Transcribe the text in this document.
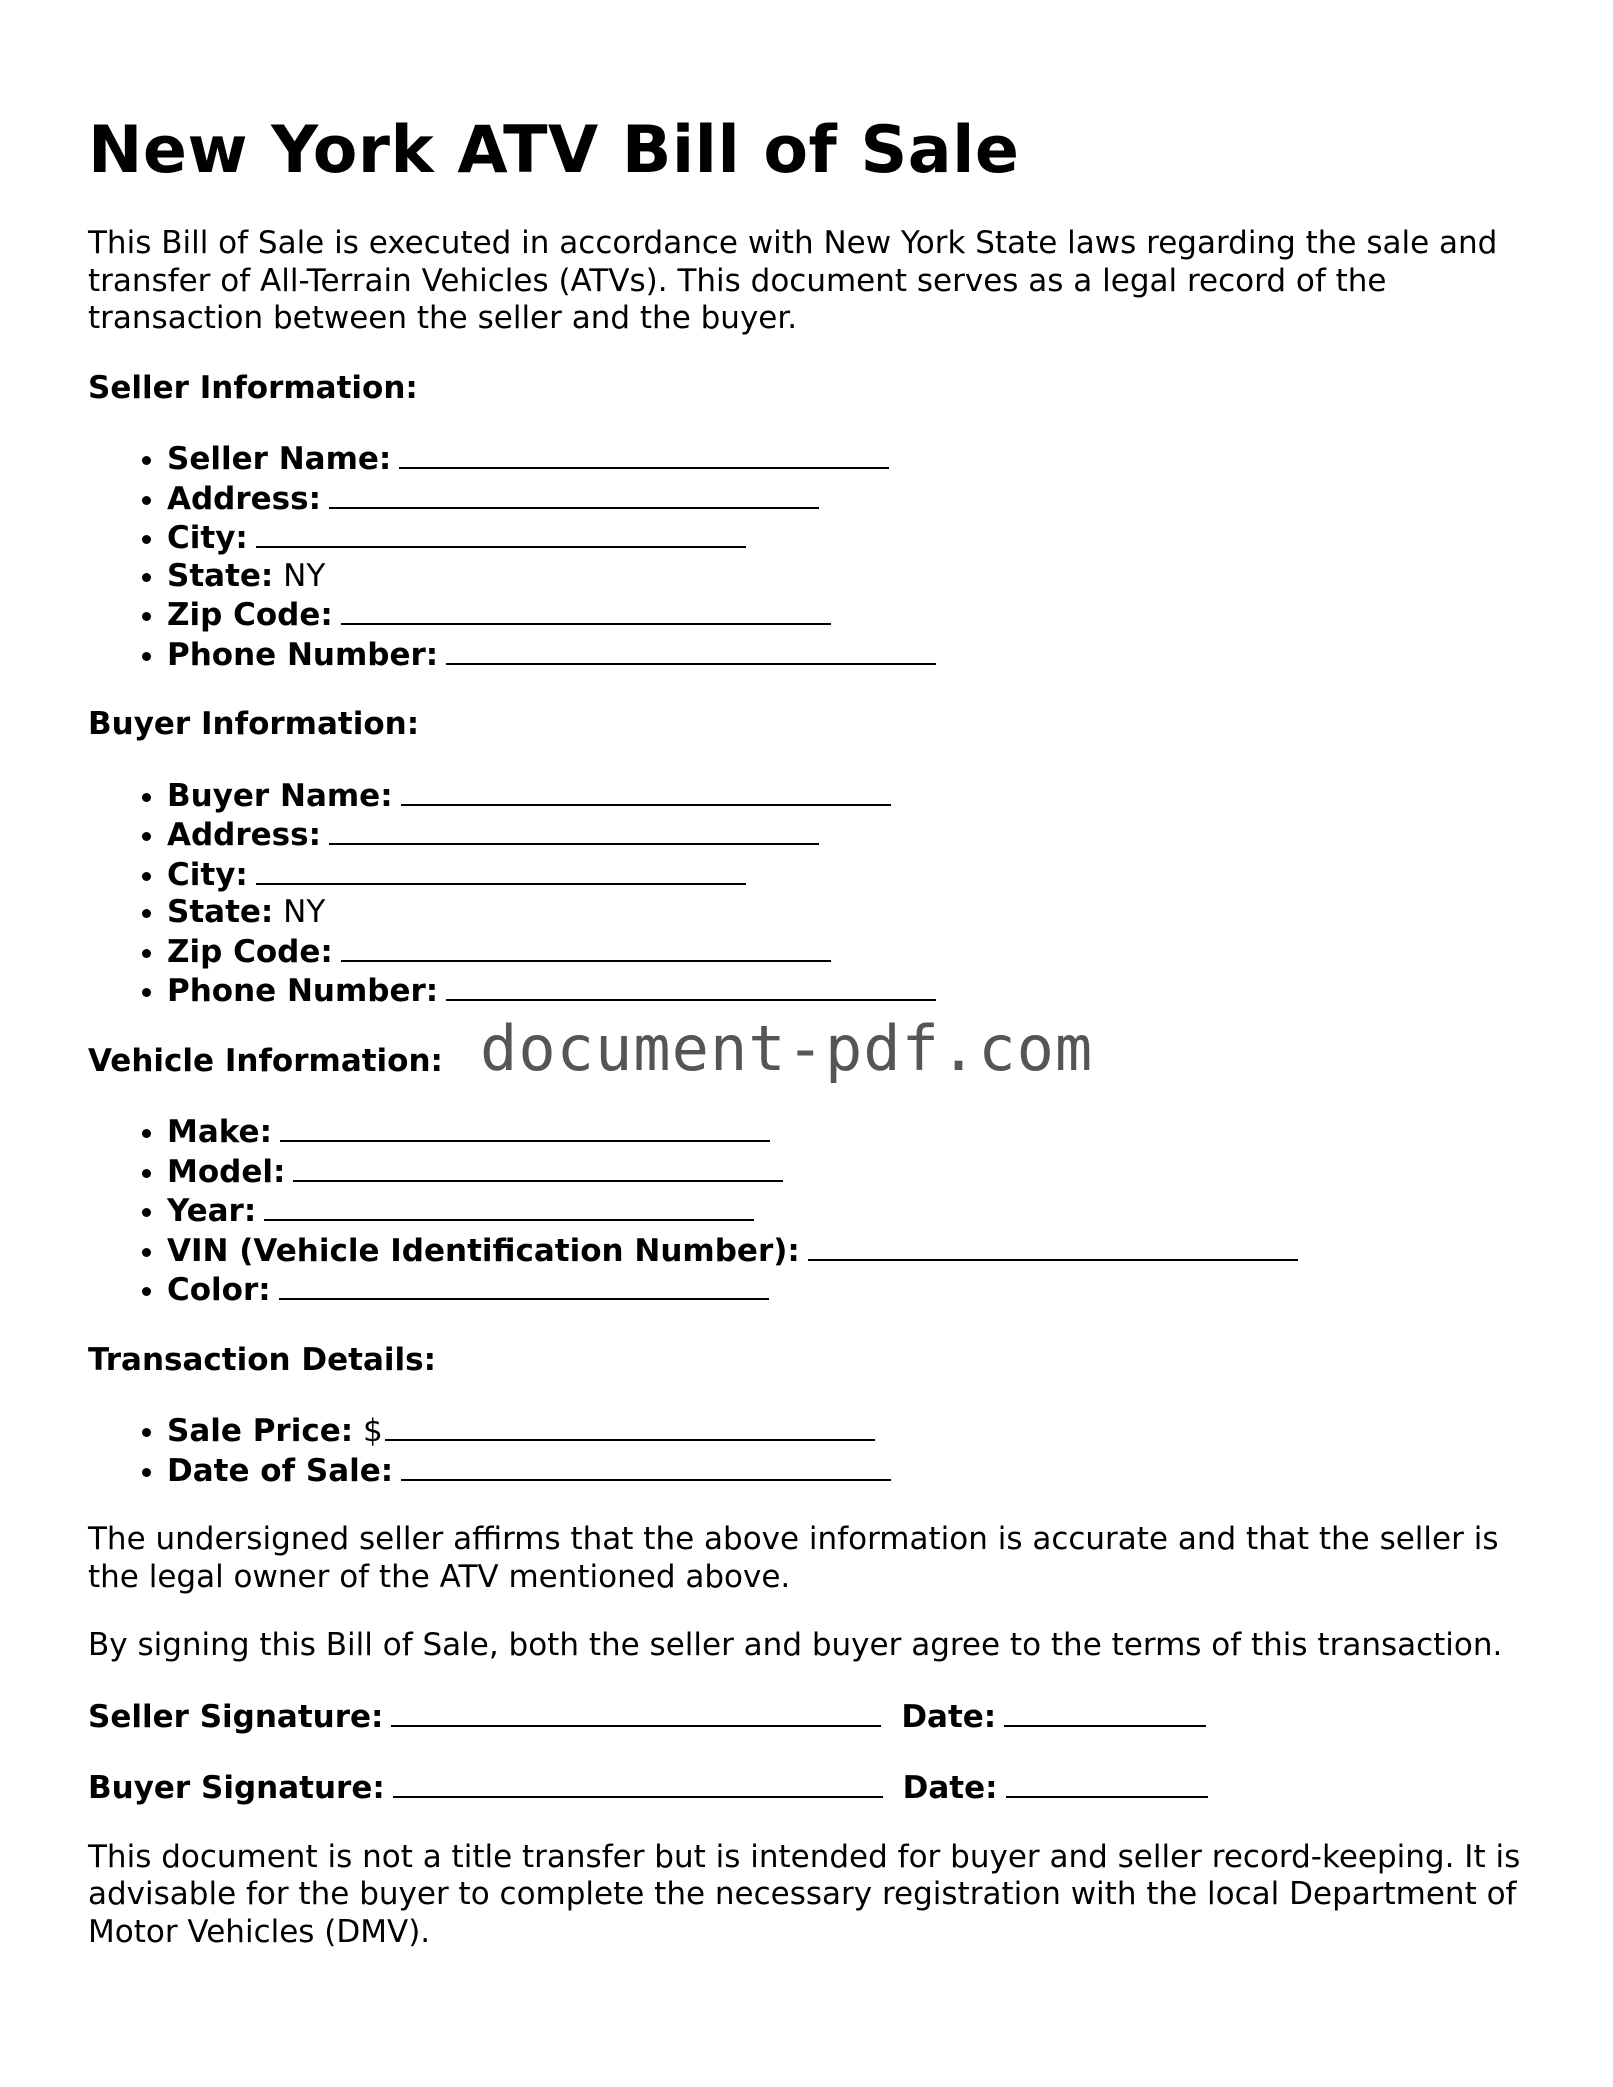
New York ATV Bill of Sale

This Bill of Sale is executed in accordance with New York State laws regarding the sale and transfer of All-Terrain Vehicles (ATVs). This document serves as a legal record of the transaction between the seller and the buyer.

Seller Information:

• Seller Name:
• Address:
• City:
• State: NY
• Zip Code:
• Phone Number:

Buyer Information:

• Buyer Name:
• Address:
• City:
• State: NY
• Zip Code:
• Phone Number:

Vehicle Information:

• Make:
• Model:
• Year:
• VIN (Vehicle Identification Number):
• Color:

Transaction Details:

• Sale Price: $
• Date of Sale:

The undersigned seller affirms that the above information is accurate and that the seller is the legal owner of the ATV mentioned above.

By signing this Bill of Sale, both the seller and buyer agree to the terms of this transaction.

Seller Signature:	Date:

Buyer Signature:	Date:

This document is not a title transfer but is intended for buyer and seller record-keeping. It is advisable for the buyer to complete the necessary registration with the local Department of Motor Vehicles (DMV).

document-pdf.com
